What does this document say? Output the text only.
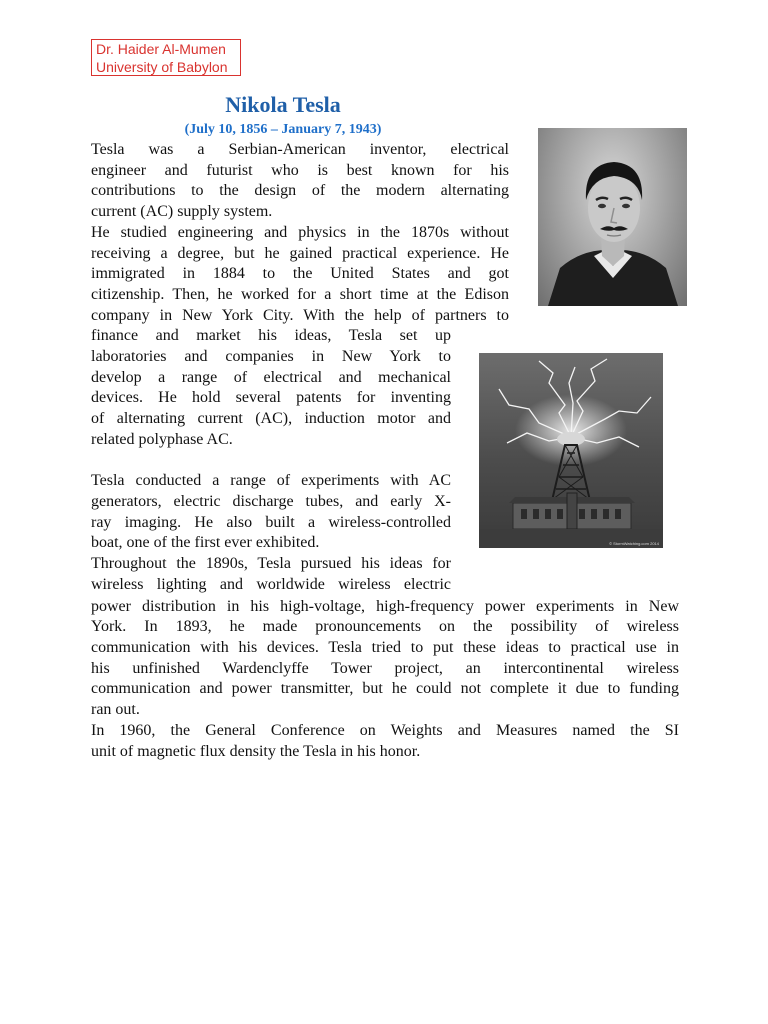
Dr. Haider Al-Mumen
University of Babylon
Nikola Tesla
(July 10, 1856 – January 7, 1943)

Tesla was a Serbian-American inventor, electrical

engineer and futurist who is best known for his

contributions to the design of the modern alternating

current (AC) supply system.

He studied engineering and physics in the 1870s without

receiving a degree, but he gained practical experience. He

immigrated in 1884 to the United States and got

citizenship. Then, he worked for a short time at the Edison

company in New York City. With the help of partners to

finance and market his ideas, Tesla set up

laboratories and companies in New York to

develop a range of electrical and mechanical

devices. He hold several patents for inventing

of alternating current (AC), induction motor and

related polyphase AC.

Tesla conducted a range of experiments with AC

generators, electric discharge tubes, and early X-

ray imaging. He also built a wireless-controlled

boat, one of the first ever exhibited.

Throughout the 1890s, Tesla pursued his ideas for

wireless lighting and worldwide wireless electric

power distribution in his high-voltage, high-frequency power experiments in New

York. In 1893, he made pronouncements on the possibility of wireless

communication with his devices. Tesla tried to put these ideas to practical use in

his unfinished Wardenclyffe Tower project, an intercontinental wireless

communication and power transmitter, but he could not complete it due to funding

ran out.

In 1960, the General Conference on Weights and Measures named the SI

unit of magnetic flux density the Tesla in his honor.

© StormWatching.com 2014
